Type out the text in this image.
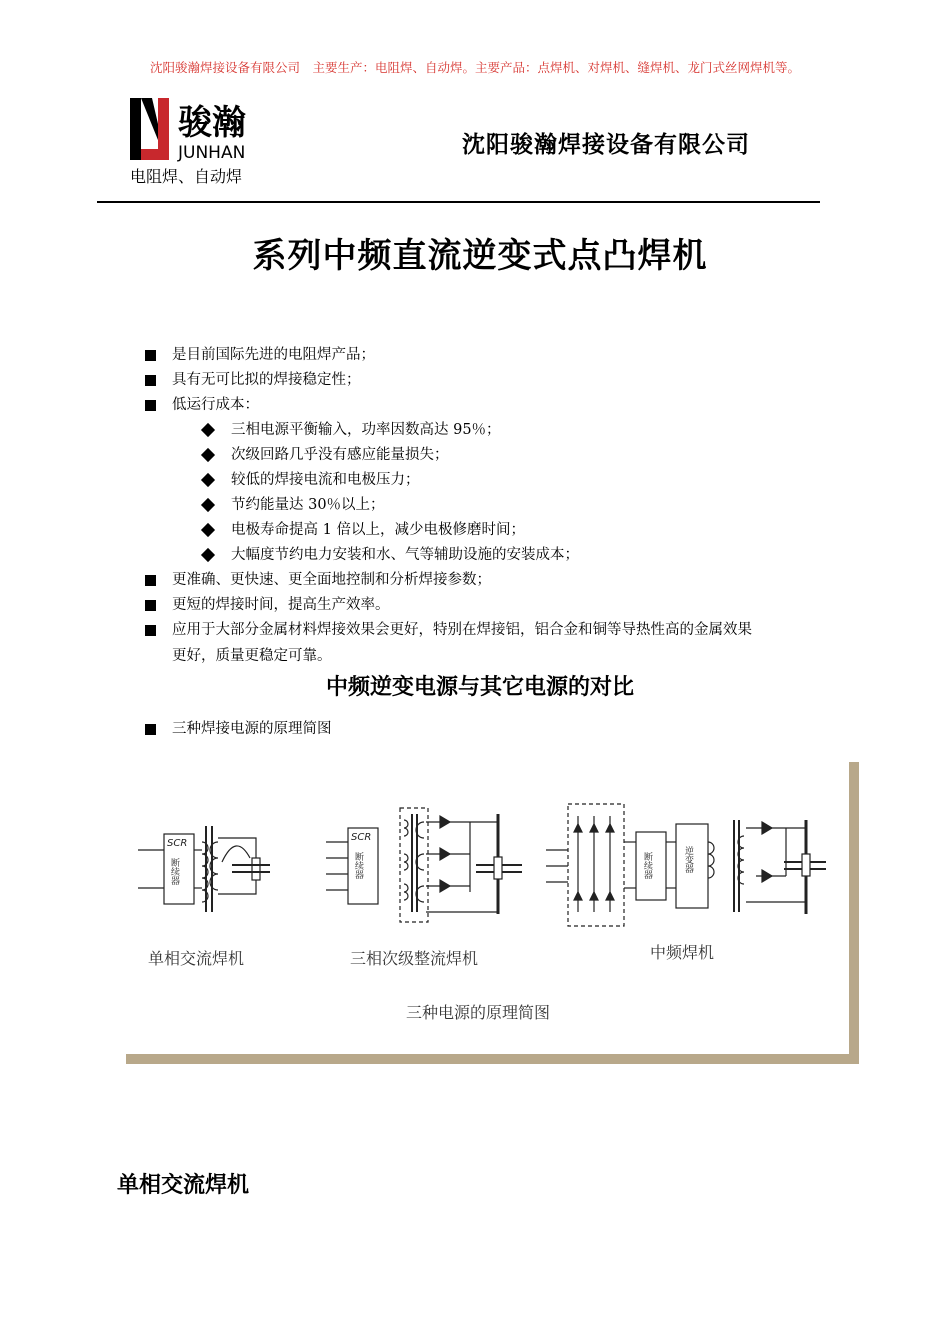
沈阳骏瀚焊接设备有限公司　主要生产：电阻焊、自动焊。主要产品：点焊机、对焊机、缝焊机、龙门式丝网焊机等。
骏瀚
JUNHAN
电阻焊、自动焊
沈阳骏瀚焊接设备有限公司
系列中频直流逆变式点凸焊机
是目前国际先进的电阻焊产品；
具有无可比拟的焊接稳定性；
低运行成本：
三相电源平衡输入，功率因数高达 95％；
次级回路几乎没有感应能量损失；
较低的焊接电流和电极压力；
节约能量达 30％以上；
电极寿命提高 1 倍以上，减少电极修磨时间；
大幅度节约电力安装和水、气等辅助设施的安装成本；
更准确、更快速、更全面地控制和分析焊接参数；
更短的焊接时间，提高生产效率。
应用于大部分金属材料焊接效果会更好，特别在焊接铝，铝合金和铜等导热性高的金属效果
更好，质量更稳定可靠。
中频逆变电源与其它电源的对比
三种焊接电源的原理简图
SCR
断续器
SCR
断续器	断续器	逆变器
单相交流焊机	三相次级整流焊机	中频焊机
三种电源的原理简图
单相交流焊机
